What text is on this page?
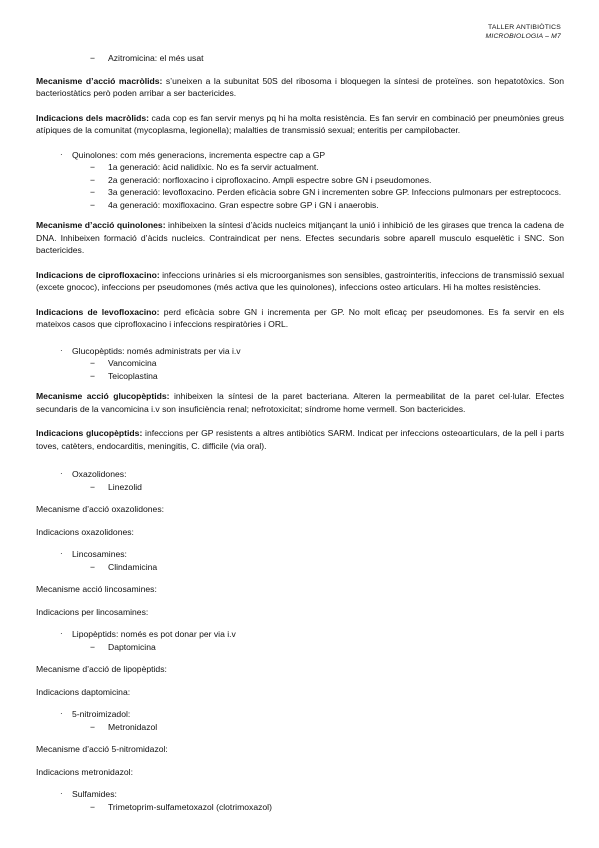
TALLER ANTIBIÒTICS
MICROBIOLOGIA – M7
− Azitromicina: el més usat

Mecanisme d’acció macròlids: s’uneixen a la subunitat 50S del ribosoma i bloquegen la síntesi de proteïnes. son hepatotòxics. Son bacteriostàtics però poden arribar a ser bactericides.

Indicacions dels macròlids: cada cop es fan servir menys pq hi ha molta resistència. Es fan servir en combinació per pneumònies greus atípiques de la comunitat (mycoplasma, legionella); malalties de transmissió sexual; enteritis per campilobacter.

· Quinolones: com més generacions, incrementa espectre cap a GP
− 1a generació: àcid nalidíxic. No es fa servir actualment.
− 2a generació: norfloxacino i ciprofloxacino. Ampli espectre sobre GN i pseudomones.
− 3a generació: levofloxacino. Perden eficàcia sobre GN i incrementen sobre GP. Infeccions pulmonars per estreptococs.

− 4a generació: moxifloxacino. Gran espectre sobre GP i GN i anaerobis.

Mecanisme d’acció quinolones: inhibeixen la síntesi d’àcids nucleics mitjançant la unió i inhibició de les girases que trenca la cadena de DNA. Inhibeixen formació d’àcids nucleics. Contraindicat per nens. Efectes secundaris sobre aparell musculo esquelètic i SNC. Son bactericides.

Indicacions de ciprofloxacino: infeccions urinàries si els microorganismes son sensibles, gastrointeritis, infeccions de transmissió sexual (excete gnococ), infeccions per pseudomones (més activa que les quinolones), infeccions osteo articulars. Hi ha moltes resistències.

Indicacions de levofloxacino: perd eficàcia sobre GN i incrementa per GP. No molt eficaç per pseudomones. Es fa servir en els mateixos casos que ciprofloxacino i infeccions respiratòries i ORL.

· Glucopèptids: només administrats per via i.v
− Vancomicina
− Teicoplastina

Mecanisme acció glucopèptids: inhibeixen la síntesi de la paret bacteriana. Alteren la permeabilitat de la paret cel·lular. Efectes secundaris de la vancomicina i.v son insuficiència renal; nefrotoxicitat; síndrome home vermell. Son bactericides.

Indicacions glucopèptids: infeccions per GP resistents a altres antibiòtics SARM. Indicat per infeccions osteoarticulars, de la pell i parts toves, catèters, endocarditis, meningitis, C. difficile (via oral).

· Oxazolidones:
− Linezolid
Mecanisme d’acció oxazolidones:
Indicacions oxazolidones:
· Lincosamines:
− Clindamicina
Mecanisme acció lincosamines:
Indicacions per lincosamines:
· Lipopèptids: només es pot donar per via i.v
− Daptomicina
Mecanisme d’acció de lipopèptids:
Indicacions daptomicina:
· 5-nitroimizadol:
− Metronidazol
Mecanisme d’acció 5-nitromidazol:
Indicacions metronidazol:
· Sulfamides:
− Trimetoprim-sulfametoxazol (clotrimoxazol)
